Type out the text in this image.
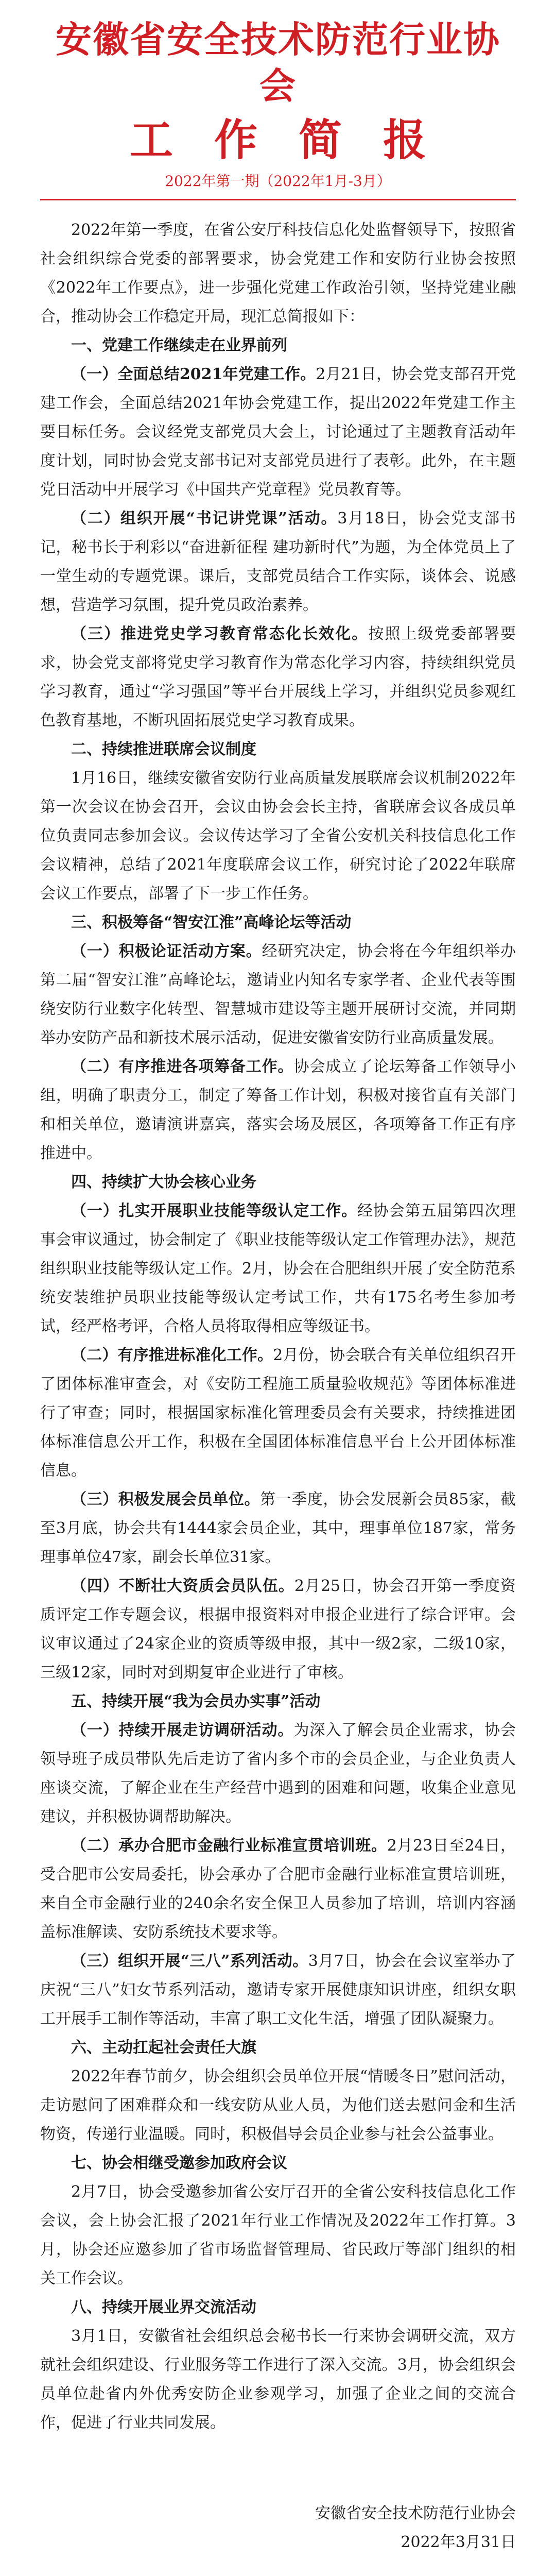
安徽省安全技术防范行业协会
工作简报
2022年第一期（2022年1月-3月）

2022年第一季度，在省公安厅科技信息化处监督领导下，按照省社会组织综合党委的部署要求，协会党建工作和安防行业协会按照《2022年工作要点》，进一步强化党建工作政治引领，坚持党建业融合，推动协会工作稳定开局，现汇总简报如下：

一、党建工作继续走在业界前列

（一）全面总结2021年党建工作。2月21日，协会党支部召开党建工作会，全面总结2021年协会党建工作，提出2022年党建工作主要目标任务。会议经党支部党员大会上，讨论通过了主题教育活动年度计划，同时协会党支部书记对支部党员进行了表彰。此外，在主题党日活动中开展学习《中国共产党章程》党员教育等。

（二）组织开展“书记讲党课”活动。3月18日，协会党支部书记，秘书长于利彩以“奋进新征程 建功新时代”为题，为全体党员上了一堂生动的专题党课。课后，支部党员结合工作实际，谈体会、说感想，营造学习氛围，提升党员政治素养。

（三）推进党史学习教育常态化长效化。按照上级党委部署要求，协会党支部将党史学习教育作为常态化学习内容，持续组织党员学习教育，通过“学习强国”等平台开展线上学习，并组织党员参观红色教育基地，不断巩固拓展党史学习教育成果。

二、持续推进联席会议制度

1月16日，继续安徽省安防行业高质量发展联席会议机制2022年第一次会议在协会召开，会议由协会会长主持，省联席会议各成员单位负责同志参加会议。会议传达学习了全省公安机关科技信息化工作会议精神，总结了2021年度联席会议工作，研究讨论了2022年联席会议工作要点，部署了下一步工作任务。

三、积极筹备“智安江淮”高峰论坛等活动

（一）积极论证活动方案。经研究决定，协会将在今年组织举办第二届“智安江淮”高峰论坛，邀请业内知名专家学者、企业代表等围绕安防行业数字化转型、智慧城市建设等主题开展研讨交流，并同期举办安防产品和新技术展示活动，促进安徽省安防行业高质量发展。

（二）有序推进各项筹备工作。协会成立了论坛筹备工作领导小组，明确了职责分工，制定了筹备工作计划，积极对接省直有关部门和相关单位，邀请演讲嘉宾，落实会场及展区，各项筹备工作正有序推进中。

四、持续扩大协会核心业务

（一）扎实开展职业技能等级认定工作。经协会第五届第四次理事会审议通过，协会制定了《职业技能等级认定工作管理办法》，规范组织职业技能等级认定工作。2月，协会在合肥组织开展了安全防范系统安装维护员职业技能等级认定考试工作，共有175名考生参加考试，经严格考评，合格人员将取得相应等级证书。

（二）有序推进标准化工作。2月份，协会联合有关单位组织召开了团体标准审查会，对《安防工程施工质量验收规范》等团体标准进行了审查；同时，根据国家标准化管理委员会有关要求，持续推进团体标准信息公开工作，积极在全国团体标准信息平台上公开团体标准信息。

（三）积极发展会员单位。第一季度，协会发展新会员85家，截至3月底，协会共有1444家会员企业，其中，理事单位187家，常务理事单位47家，副会长单位31家。

（四）不断壮大资质会员队伍。2月25日，协会召开第一季度资质评定工作专题会议，根据申报资料对申报企业进行了综合评审。会议审议通过了24家企业的资质等级申报，其中一级2家，二级10家，三级12家，同时对到期复审企业进行了审核。

五、持续开展“我为会员办实事”活动

（一）持续开展走访调研活动。为深入了解会员企业需求，协会领导班子成员带队先后走访了省内多个市的会员企业，与企业负责人座谈交流，了解企业在生产经营中遇到的困难和问题，收集企业意见建议，并积极协调帮助解决。

（二）承办合肥市金融行业标准宣贯培训班。2月23日至24日，受合肥市公安局委托，协会承办了合肥市金融行业标准宣贯培训班，来自全市金融行业的240余名安全保卫人员参加了培训，培训内容涵盖标准解读、安防系统技术要求等。

（三）组织开展“三八”系列活动。3月7日，协会在会议室举办了庆祝“三八”妇女节系列活动，邀请专家开展健康知识讲座，组织女职工开展手工制作等活动，丰富了职工文化生活，增强了团队凝聚力。

六、主动扛起社会责任大旗

2022年春节前夕，协会组织会员单位开展“情暖冬日”慰问活动，走访慰问了困难群众和一线安防从业人员，为他们送去慰问金和生活物资，传递行业温暖。同时，积极倡导会员企业参与社会公益事业。

七、协会相继受邀参加政府会议

2月7日，协会受邀参加省公安厅召开的全省公安科技信息化工作会议，会上协会汇报了2021年行业工作情况及2022年工作打算。3月，协会还应邀参加了省市场监督管理局、省民政厅等部门组织的相关工作会议。

八、持续开展业界交流活动

3月1日，安徽省社会组织总会秘书长一行来协会调研交流，双方就社会组织建设、行业服务等工作进行了深入交流。3月，协会组织会员单位赴省内外优秀安防企业参观学习，加强了企业之间的交流合作，促进了行业共同发展。

安徽省安全技术防范行业协会
2022年3月31日
